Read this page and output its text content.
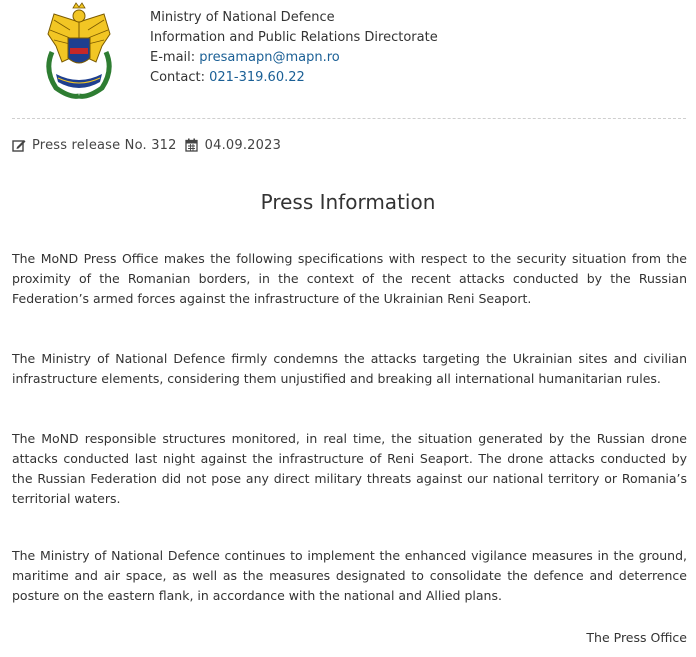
Ministry of National Defence
Information and Public Relations Directorate
E-mail: presamapn@mapn.ro
Contact: 021-319.60.22
Press release No. 312 04.09.2023
Press Information

The MoND Press Office makes the following specifications with respect to the security situation from the proximity of the Romanian borders, in the context of the recent attacks conducted by the Russian Federation’s armed forces against the infrastructure of the Ukrainian Reni Seaport.

The Ministry of National Defence firmly condemns the attacks targeting the Ukrainian sites and civilian infrastructure elements, considering them unjustified and breaking all international humanitarian rules.

The MoND responsible structures monitored, in real time, the situation generated by the Russian drone attacks conducted last night against the infrastructure of Reni Seaport. The drone attacks conducted by the Russian Federation did not pose any direct military threats against our national territory or Romania’s territorial waters.

The Ministry of National Defence continues to implement the enhanced vigilance measures in the ground, maritime and air space, as well as the measures designated to consolidate the defence and deterrence posture on the eastern flank, in accordance with the national and Allied plans.

The Press Office
